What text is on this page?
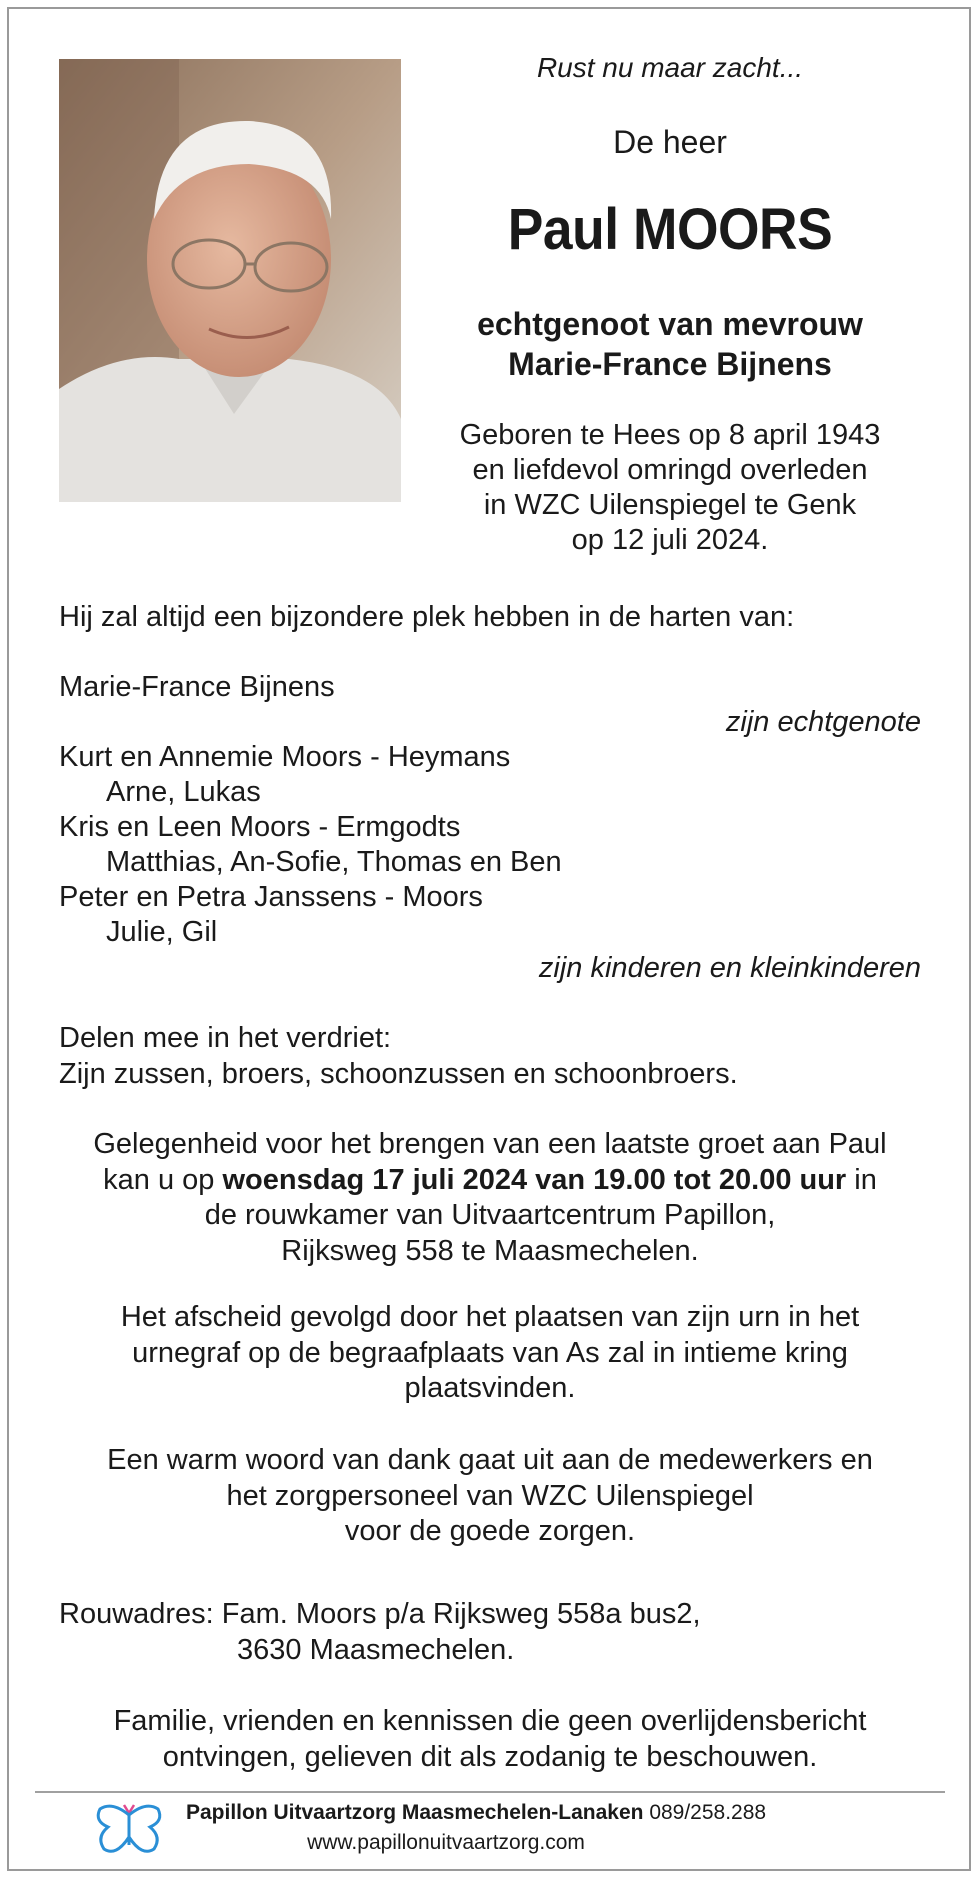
Rust nu maar zacht...
De heer
Paul MOORS
echtgenoot van mevrouw
Marie-France Bijnens
Geboren te Hees op 8 april 1943
en liefdevol omringd overleden
in WZC Uilenspiegel te Genk
op 12 juli 2024.
Hij zal altijd een bijzondere plek hebben in de harten van:
Marie-France Bijnens
zijn echtgenote
Kurt en Annemie Moors - Heymans
Arne, Lukas
Kris en Leen Moors - Ermgodts
Matthias, An-Sofie, Thomas en Ben
Peter en Petra Janssens - Moors
Julie, Gil
zijn kinderen en kleinkinderen
Delen mee in het verdriet:
Zijn zussen, broers, schoonzussen en schoonbroers.
Gelegenheid voor het brengen van een laatste groet aan Paul
kan u op woensdag 17 juli 2024 van 19.00 tot 20.00 uur in
de rouwkamer van Uitvaartcentrum Papillon,
Rijksweg 558 te Maasmechelen.
Het afscheid gevolgd door het plaatsen van zijn urn in het
urnegraf op de begraafplaats van As zal in intieme kring
plaatsvinden.
Een warm woord van dank gaat uit aan de medewerkers en
het zorgpersoneel van WZC Uilenspiegel
voor de goede zorgen.
Rouwadres: Fam. Moors p/a Rijksweg 558a bus2,
3630 Maasmechelen.
Familie, vrienden en kennissen die geen overlijdensbericht
ontvingen, gelieven dit als zodanig te beschouwen.
Papillon Uitvaartzorg Maasmechelen-Lanaken 089/258.288
www.papillonuitvaartzorg.com
